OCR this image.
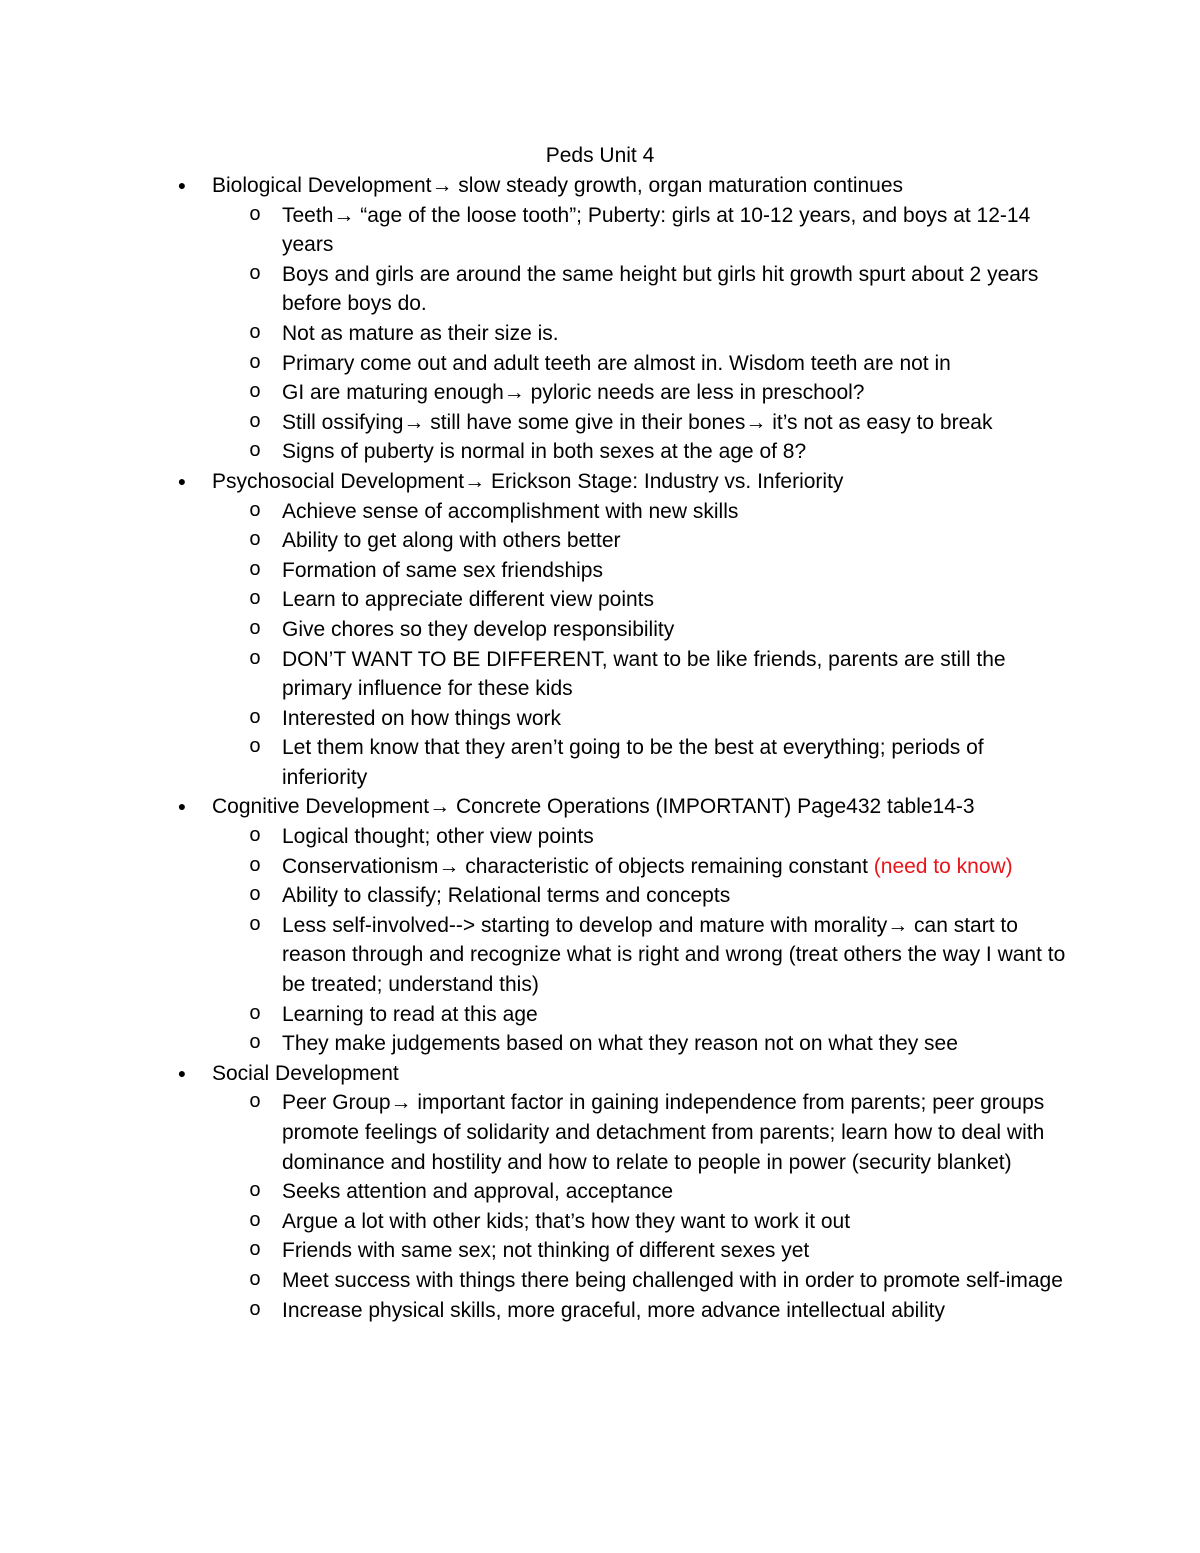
Peds Unit 4
● Biological Development→ slow steady growth, organ maturation continues
o Teeth→ “age of the loose tooth”; Puberty: girls at 10-12 years, and boys at 12-14 years
o Boys and girls are around the same height but girls hit growth spurt about 2 years before boys do.
o Not as mature as their size is.
o Primary come out and adult teeth are almost in. Wisdom teeth are not in
o GI are maturing enough→ pyloric needs are less in preschool?
o Still ossifying→ still have some give in their bones→ it’s not as easy to break
o Signs of puberty is normal in both sexes at the age of 8?
● Psychosocial Development→ Erickson Stage: Industry vs. Inferiority
o Achieve sense of accomplishment with new skills
o Ability to get along with others better
o Formation of same sex friendships
o Learn to appreciate different view points
o Give chores so they develop responsibility
o DON’T WANT TO BE DIFFERENT, want to be like friends, parents are still the primary influence for these kids
o Interested on how things work
o Let them know that they aren’t going to be the best at everything; periods of inferiority
● Cognitive Development→ Concrete Operations (IMPORTANT) Page432 table14-3
o Logical thought; other view points
o Conservationism→ characteristic of objects remaining constant (need to know)
o Ability to classify; Relational terms and concepts
o Less self-involved--> starting to develop and mature with morality→ can start to reason through and recognize what is right and wrong (treat others the way I want to be treated; understand this)
o Learning to read at this age
o They make judgements based on what they reason not on what they see
● Social Development
o Peer Group→ important factor in gaining independence from parents; peer groups promote feelings of solidarity and detachment from parents; learn how to deal with dominance and hostility and how to relate to people in power (security blanket)
o Seeks attention and approval, acceptance
o Argue a lot with other kids; that’s how they want to work it out
o Friends with same sex; not thinking of different sexes yet
o Meet success with things there being challenged with in order to promote self-image
o Increase physical skills, more graceful, more advance intellectual ability
